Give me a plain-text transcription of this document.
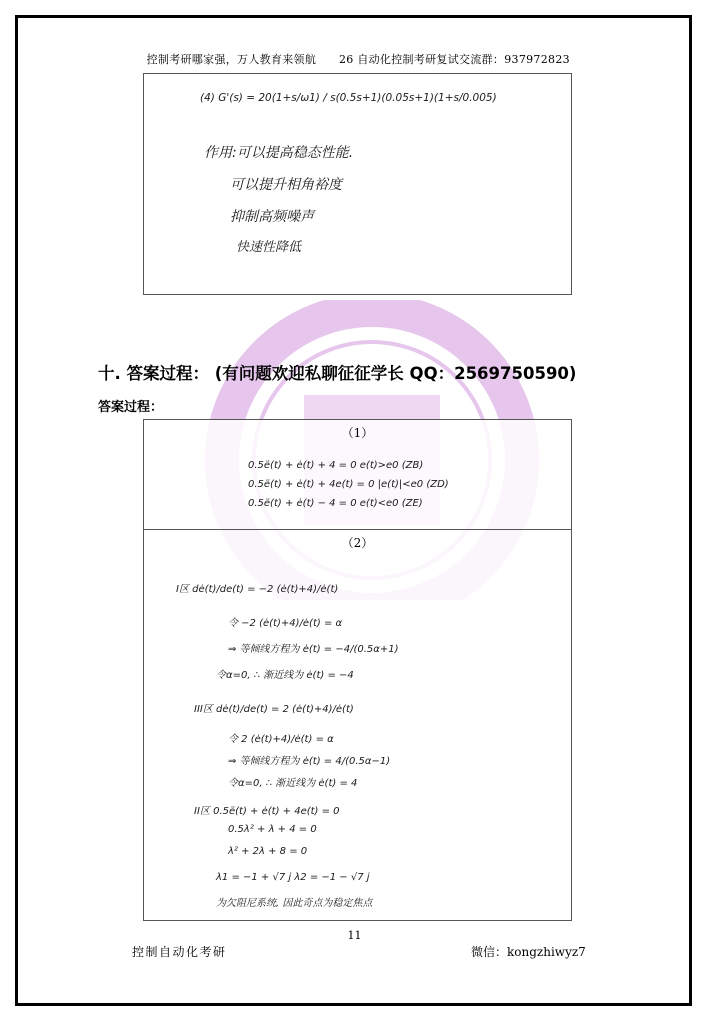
控制考研哪家强，万人教育来领航 26 自动化控制考研复试交流群：937972823

(4) G'(s) = 20(1+s/ω1) / s(0.5s+1)(0.05s+1)(1+s/0.005)
作用:可以提高稳态性能.
可以提升相角裕度
抑制高频噪声
快速性降低
十. 答案过程： (有问题欢迎私聊征征学长 QQ：2569750590)
答案过程：
（1）
0.5ë(t) + ė(t) + 4 = 0 e(t)>e0 (ZB)
0.5ë(t) + ė(t) + 4e(t) = 0 |e(t)|<e0 (ZD)
0.5ë(t) + ė(t) − 4 = 0 e(t)<e0 (ZE)
（2）
I区 dė(t)/de(t) = −2 (ė(t)+4)/ė(t)
令 −2 (ė(t)+4)/ė(t) = α
⇒ 等倾线方程为 ė(t) = −4/(0.5α+1)
令α=0, ∴ 渐近线为 ė(t) = −4
III区 dė(t)/de(t) = 2 (ė(t)+4)/ė(t)
令 2 (ė(t)+4)/ė(t) = α
⇒ 等倾线方程为 ė(t) = 4/(0.5α−1)
令α=0, ∴ 渐近线为 ė(t) = 4
II区 0.5ë(t) + ė(t) + 4e(t) = 0
0.5λ² + λ + 4 = 0
λ² + 2λ + 8 = 0
λ1 = −1 + √7 j λ2 = −1 − √7 j
为欠阻尼系统, 因此奇点为稳定焦点
11
控制自动化考研	微信：kongzhiwyz7
